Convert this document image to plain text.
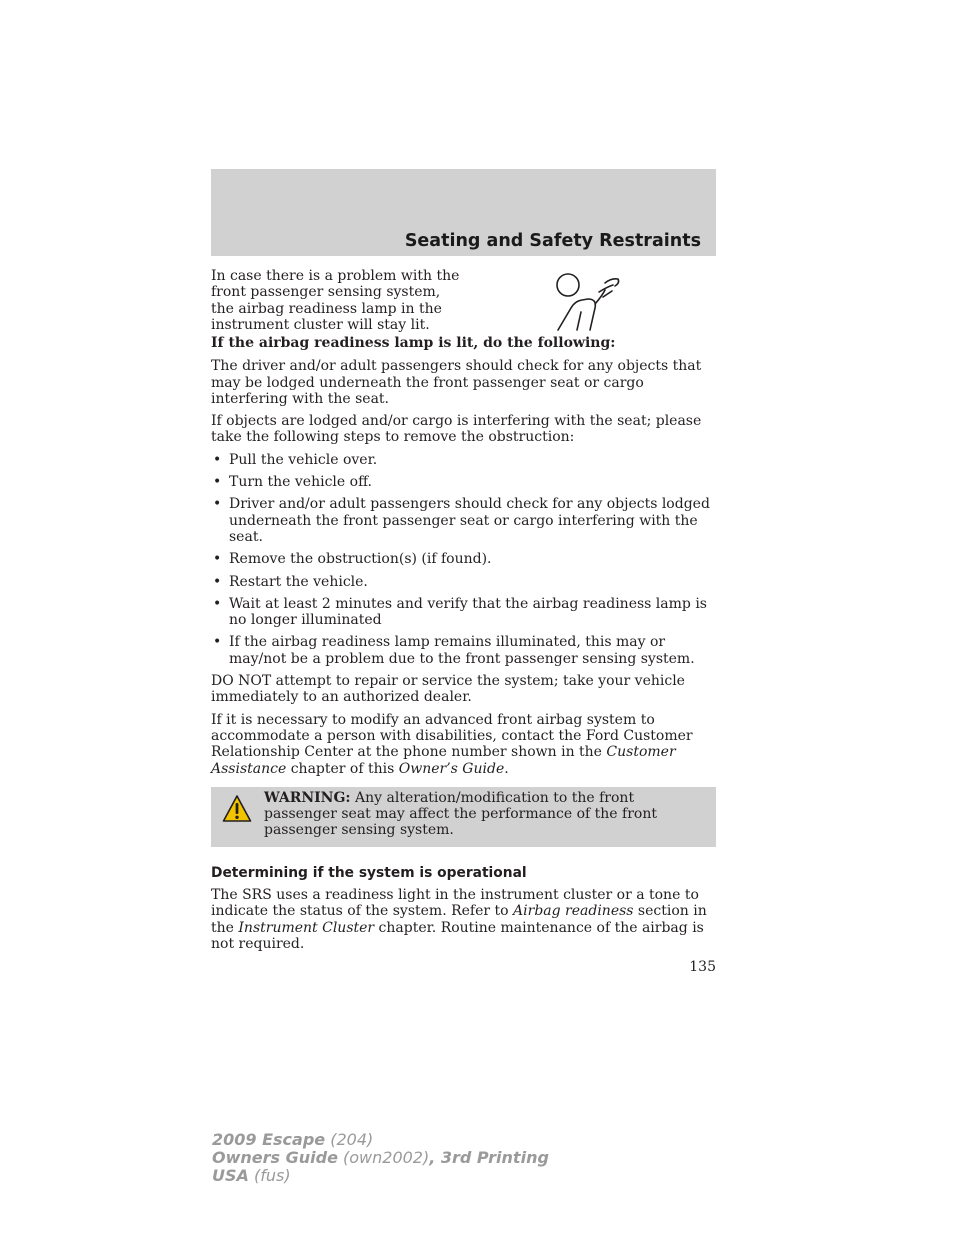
Seating and Safety Restraints

In case there is a problem with the front passenger sensing system, the airbag readiness lamp in the instrument cluster will stay lit.

If the airbag readiness lamp is lit, do the following:

The driver and/or adult passengers should check for any objects that may be lodged underneath the front passenger seat or cargo interfering with the seat.

If objects are lodged and/or cargo is interfering with the seat; please take the following steps to remove the obstruction:

• Pull the vehicle over.
• Turn the vehicle off.
• Driver and/or adult passengers should check for any objects lodged underneath the front passenger seat or cargo interfering with the seat.
• Remove the obstruction(s) (if found).
• Restart the vehicle.
• Wait at least 2 minutes and verify that the airbag readiness lamp is no longer illuminated
• If the airbag readiness lamp remains illuminated, this may or may/not be a problem due to the front passenger sensing system.

DO NOT attempt to repair or service the system; take your vehicle immediately to an authorized dealer.

If it is necessary to modify an advanced front airbag system to accommodate a person with disabilities, contact the Ford Customer Relationship Center at the phone number shown in the Customer Assistance chapter of this Owner’s Guide.

WARNING: Any alteration/modification to the front passenger seat may affect the performance of the front passenger sensing system.
Determining if the system is operational

The SRS uses a readiness light in the instrument cluster or a tone to indicate the status of the system. Refer to Airbag readiness section in the Instrument Cluster chapter. Routine maintenance of the airbag is not required.

135
2009 Escape (204)
Owners Guide (own2002), 3rd Printing
USA (fus)
